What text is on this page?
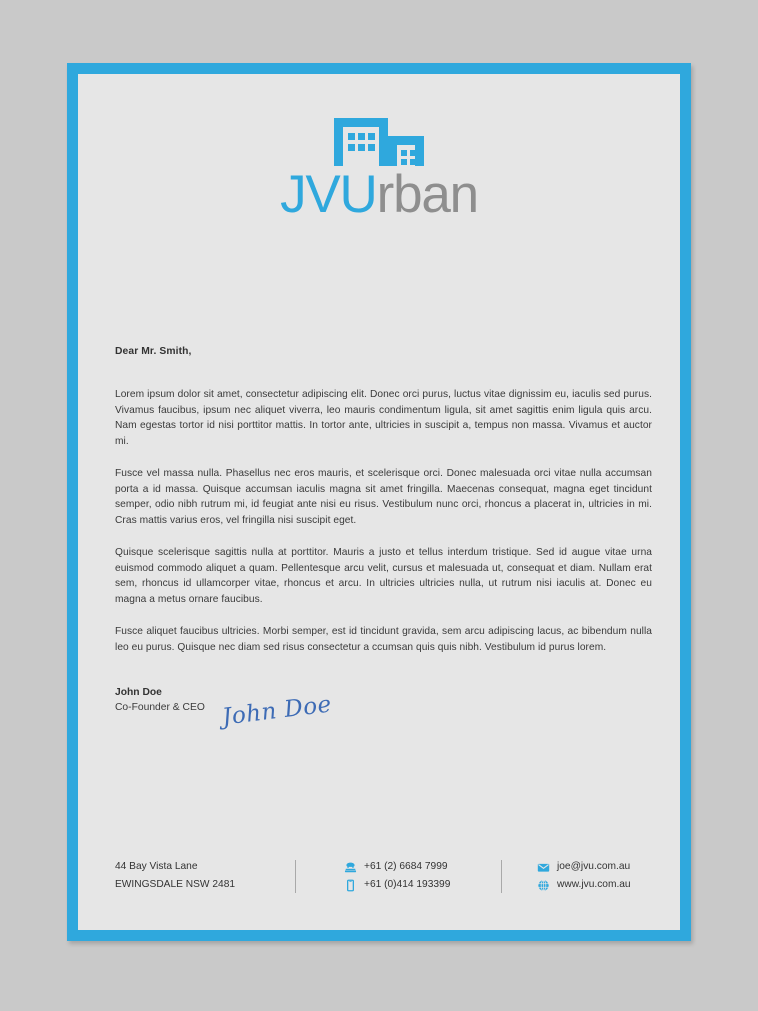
JVUrban

Dear Mr. Smith,

Lorem ipsum dolor sit amet, consectetur adipiscing elit. Donec orci purus, luctus vitae dignissim eu, iaculis sed purus. Vivamus faucibus, ipsum nec aliquet viverra, leo mauris condimentum ligula, sit amet sagittis enim ligula quis arcu. Nam egestas tortor id nisi porttitor mattis. In tortor ante, ultricies in suscipit a, tempus non massa. Vivamus et auctor mi.

Fusce vel massa nulla. Phasellus nec eros mauris, et scelerisque orci. Donec malesuada orci vitae nulla accumsan porta a id massa. Quisque accumsan iaculis magna sit amet fringilla. Maecenas consequat, magna eget tincidunt semper, odio nibh rutrum mi, id feugiat ante nisi eu risus. Vestibulum nunc orci, rhoncus a placerat in, ultricies in mi. Cras mattis varius eros, vel fringilla nisi suscipit eget.

Quisque scelerisque sagittis nulla at porttitor. Mauris a justo et tellus interdum tristique. Sed id augue vitae urna euismod commodo aliquet a quam. Pellentesque arcu velit, cursus et malesuada ut, consequat et diam. Nullam erat sem, rhoncus id ullamcorper vitae, rhoncus et arcu. In ultricies ultricies nulla, ut rutrum nisi iaculis at. Donec eu magna a metus ornare faucibus.

Fusce aliquet faucibus ultricies. Morbi semper, est id tincidunt gravida, sem arcu adipiscing lacus, ac bibendum nulla leo eu purus. Quisque nec diam sed risus consectetur a ccumsan quis quis nibh. Vestibulum id purus lorem.

John Doe

Co-Founder & CEO John Doe
44 Bay Vista Lane
EWINGSDALE NSW 2481
+61 (2) 6684 7999
+61 (0)414 193399
joe@jvu.com.au
www.jvu.com.au
